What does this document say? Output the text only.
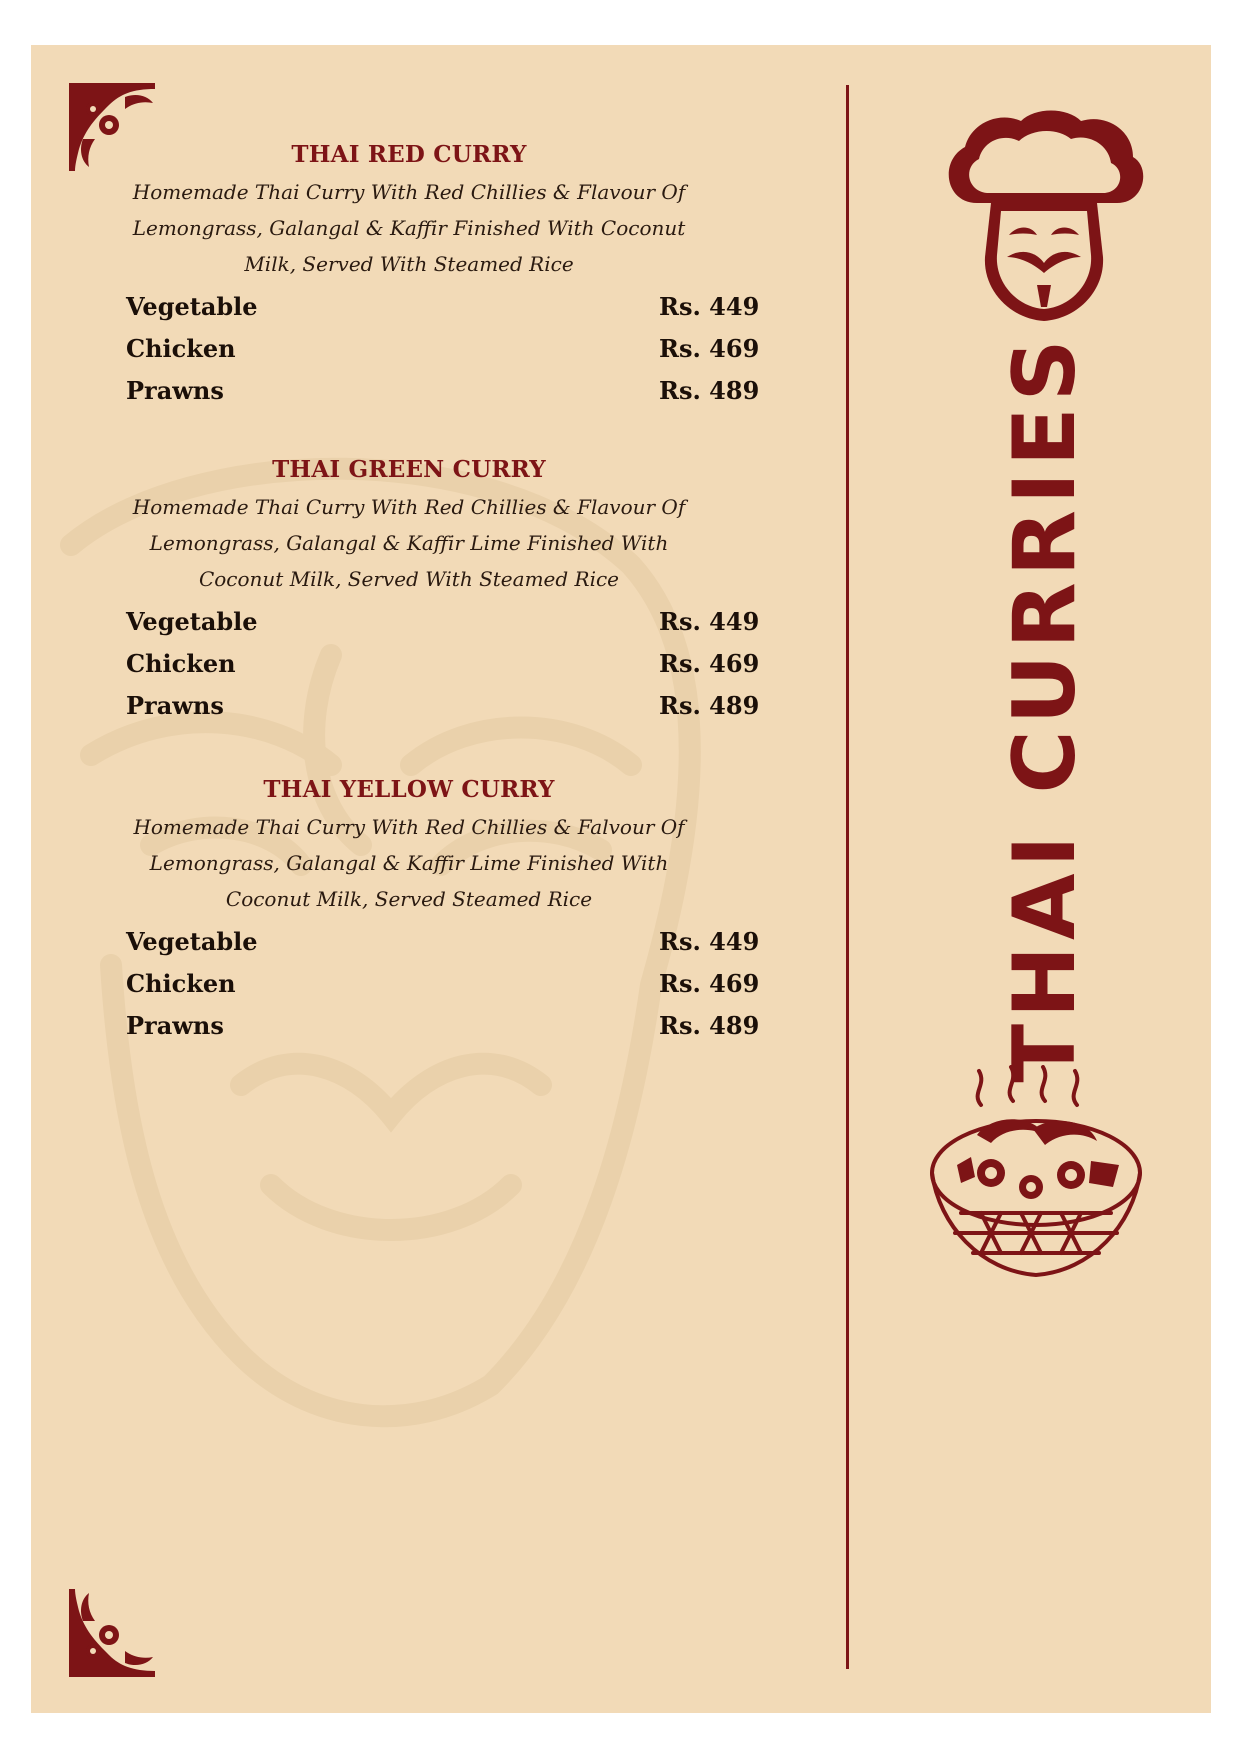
THAI RED CURRY

Homemade Thai Curry With Red Chillies & Flavour Of Lemongrass, Galangal & Kaffir Finished With Coconut Milk, Served With Steamed Rice

Vegetable	Rs. 449
Chicken	Rs. 469
Prawns	Rs. 489
THAI GREEN CURRY

Homemade Thai Curry With Red Chillies & Flavour Of Lemongrass, Galangal & Kaffir Lime Finished With Coconut Milk, Served With Steamed Rice

Vegetable	Rs. 449
Chicken	Rs. 469
Prawns	Rs. 489
THAI YELLOW CURRY

Homemade Thai Curry With Red Chillies & Falvour Of Lemongrass, Galangal & Kaffir Lime Finished With Coconut Milk, Served Steamed Rice

Vegetable	Rs. 449
Chicken	Rs. 469
Prawns	Rs. 489	THAI CURRIES
